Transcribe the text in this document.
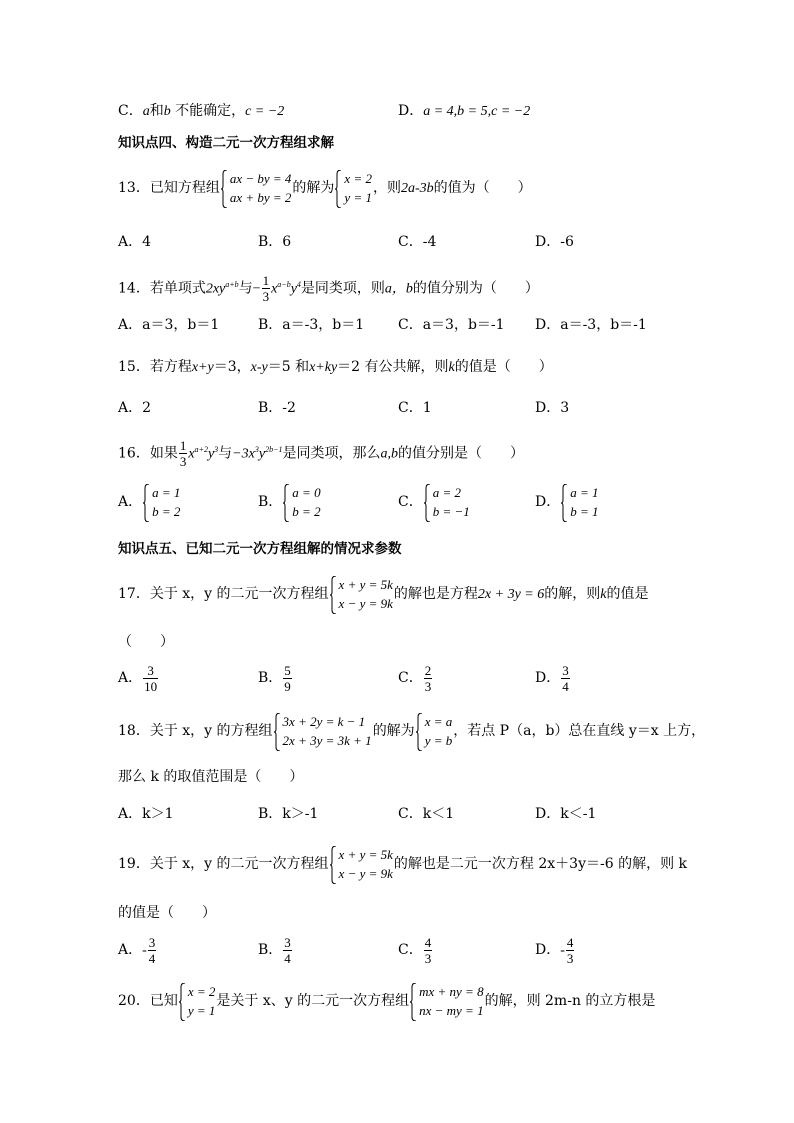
C．a和b 不能确定，c = −2	D．a = 4,b = 5,c = −2
知识点四、构造二元一次方程组求解
13．已知方程组
ax − by = 4
ax + by = 2
的解为
x = 2
y = 1
，则2a-3b的值为（　　）
A．4	B．6	C．-4	D．-6
14．若单项式$2xy^{a+b}$与− $\frac{1}{3} x^{a-b}y^4$是同类项，则a，b的值分别为（　　）
A．a＝3，b＝1	B．a＝-3，b＝1 C．a＝3，b＝-1 D．a＝-3，b＝-1
15．若方程x+y＝3，x-y＝5 和x+ky＝2 有公共解，则k的值是（　　）
A．2	B．-2	C．1	D．3
16．如果 $\frac{1}{3} x^{a+2}y^3$与$-3x^3y^{2b-1}$是同类项，那么a,b的值分别是（　　）
A．
a = 1
b = 2
B．
a = 0
b = 2
C．
a = 2
b = −1
D．
a = 1
b = 1
知识点五、已知二元一次方程组解的情况求参数
17．关于 x，y 的二元一次方程组
x + y = 5k
x − y = 9k
的解也是方程2x + 3y = 6的解，则k的值是
（　　）
A． $\frac{3}{10}$	B． $\frac{5}{9}$	C． $\frac{2}{3}$	D． $\frac{3}{4}$
18．关于 x，y 的方程组
3x + 2y = k − 1
2x + 3y = 3k + 1
的解为
x = a
y = b
，若点 P（a，b）总在直线 y＝x 上方，
那么 k 的取值范围是（　　）
A．k＞1	B．k＞-1	C．k＜1	D．k＜-1
19．关于 x，y 的二元一次方程组
x + y = 5k
x − y = 9k
的解也是二元一次方程 2x＋3y＝-6 的解，则 k
的值是（　　）
A．- $\frac{3}{4}$	B． $\frac{3}{4}$	C． $\frac{4}{3}$	D．- $\frac{4}{3}$
20．已知
x = 2
y = 1
是关于 x、y 的二元一次方程组
mx + ny = 8
nx − my = 1
的解，则 2m-n 的立方根是
